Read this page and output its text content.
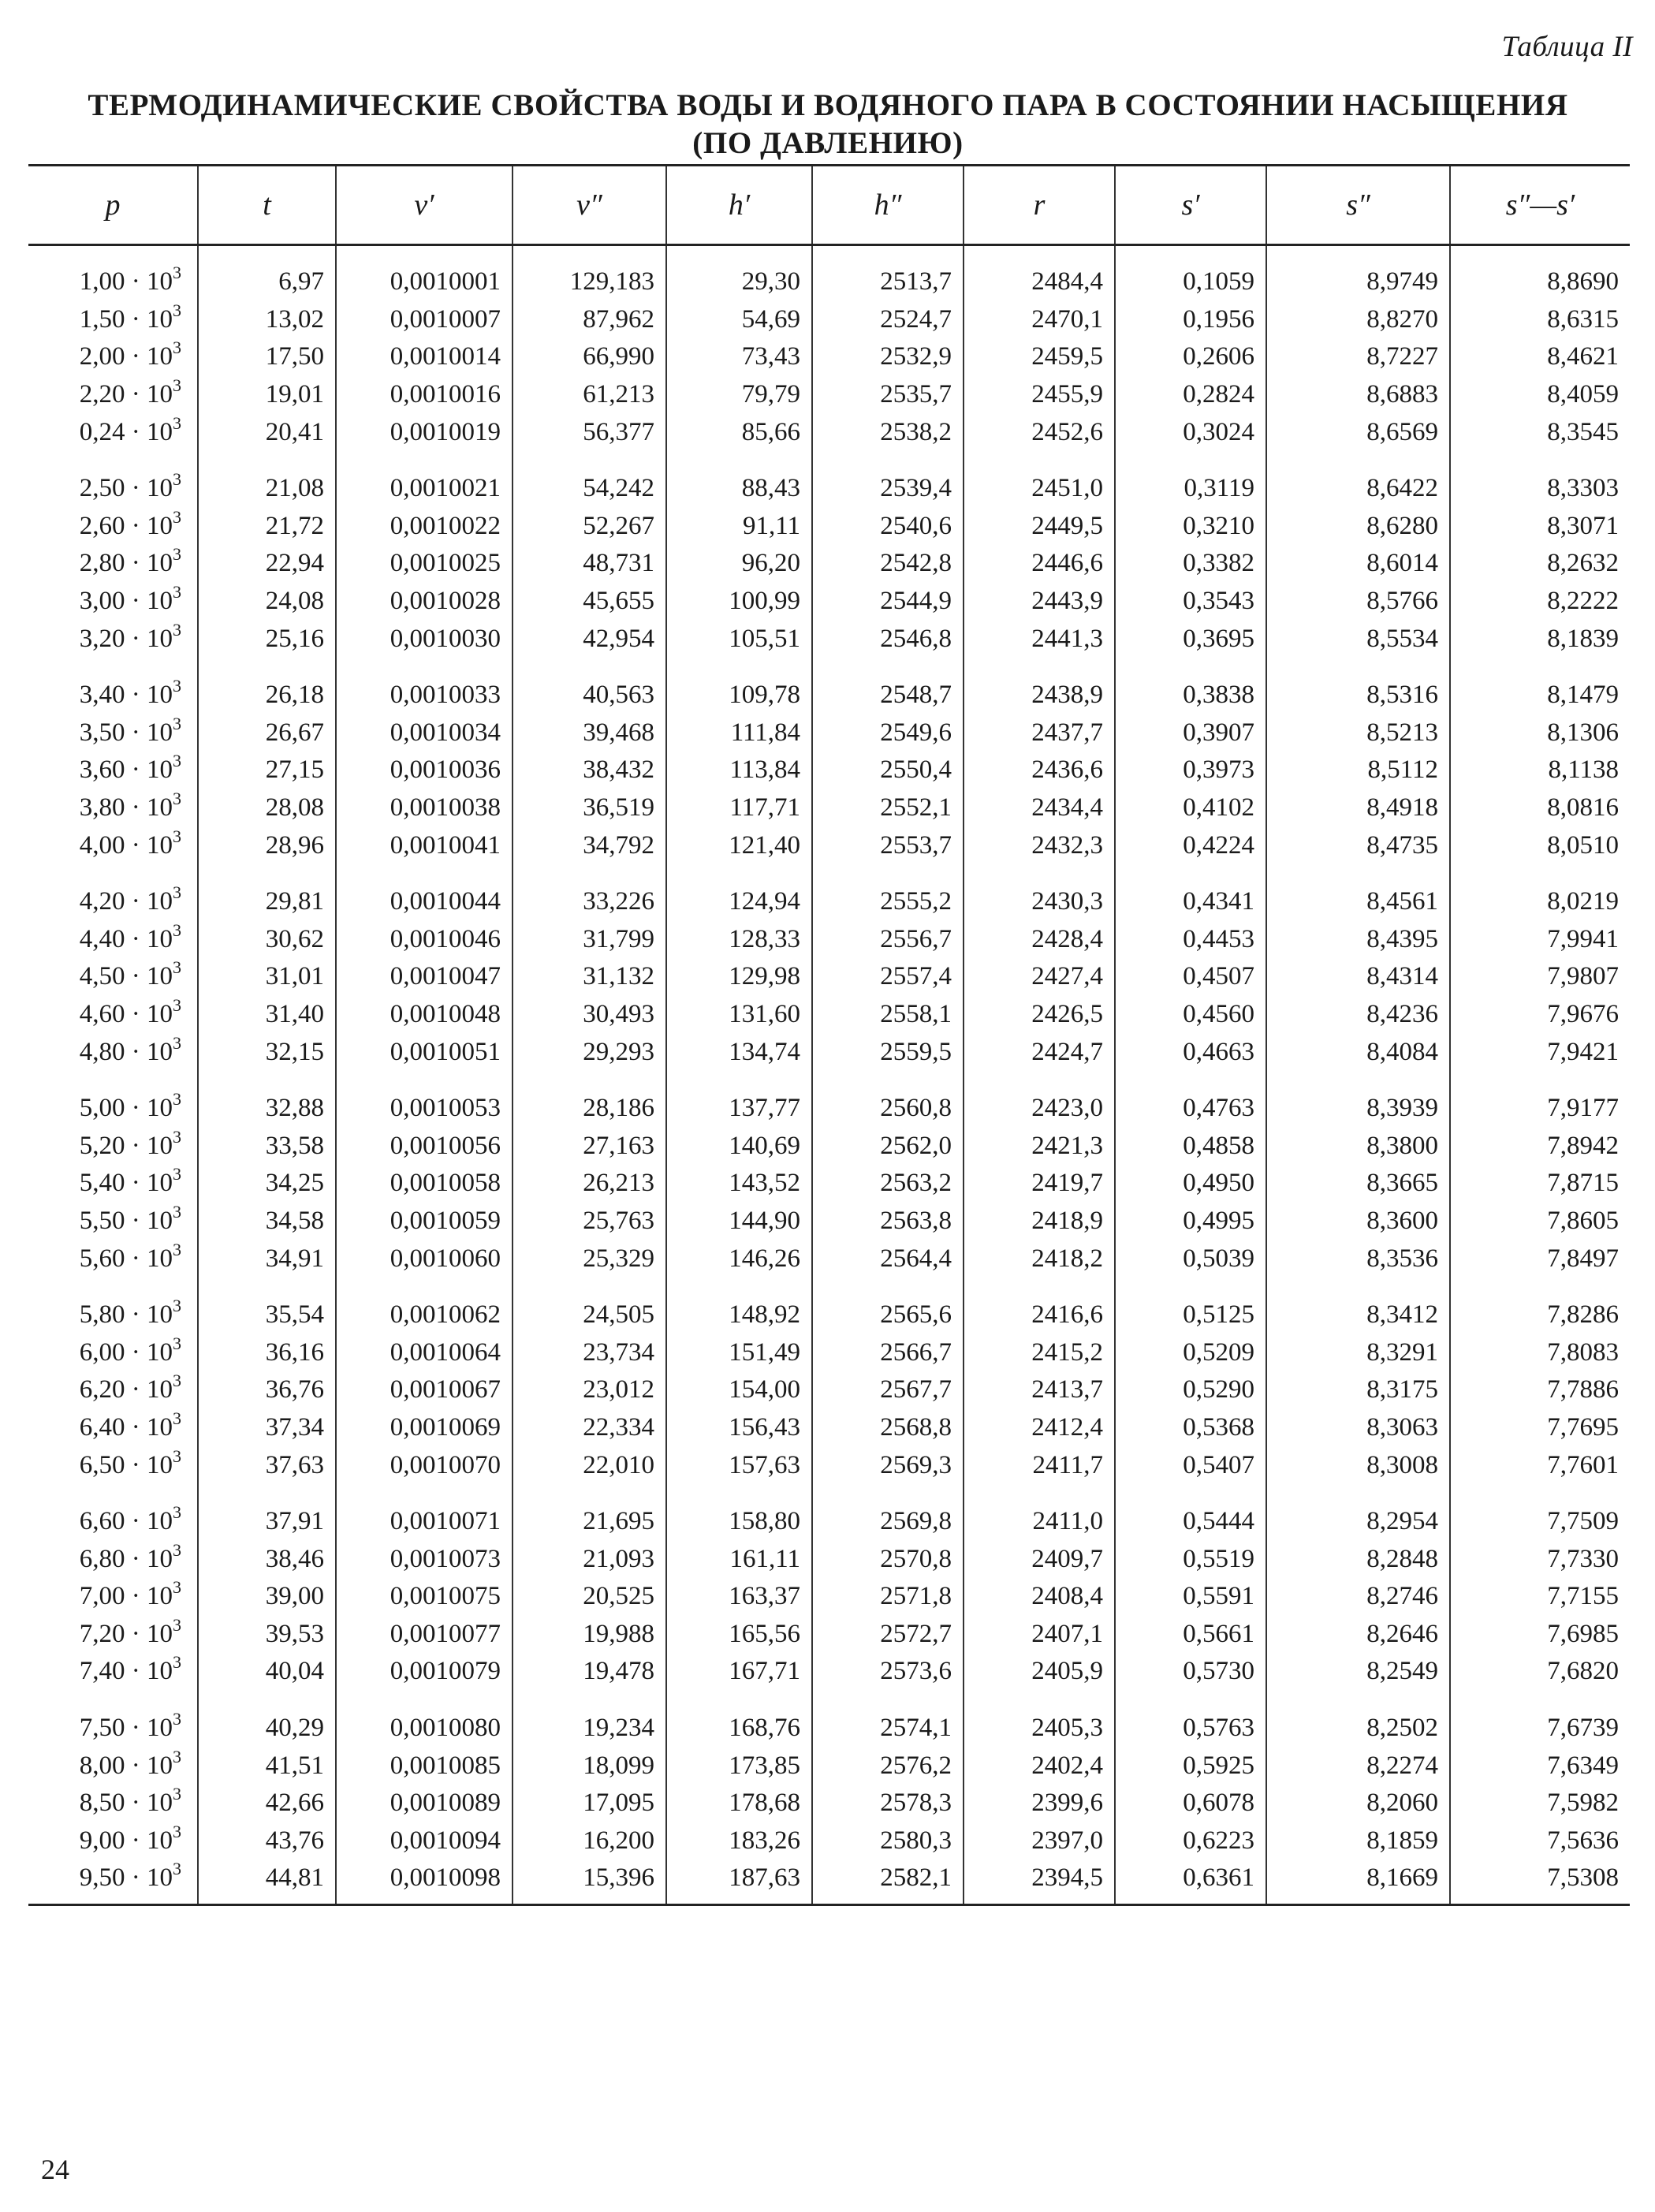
Таблица II
ТЕРМОДИНАМИЧЕСКИЕ СВОЙСТВА ВОДЫ И ВОДЯНОГО ПАРА В СОСТОЯНИИ НАСЫЩЕНИЯ (ПО ДАВЛЕНИЮ)
p	t	v′	v″	h′	h″	r	s′	s″	s″—s′
$1,00 \cdot 10^3$	6,97	0,0010001	129,183	29,30	2513,7	2484,4	0,1059	8,9749	8,8690
$1,50 \cdot 10^3$	13,02	0,0010007	87,962	54,69	2524,7	2470,1	0,1956	8,8270	8,6315
$2,00 \cdot 10^3$	17,50	0,0010014	66,990	73,43	2532,9	2459,5	0,2606	8,7227	8,4621
$2,20 \cdot 10^3$	19,01	0,0010016	61,213	79,79	2535,7	2455,9	0,2824	8,6883	8,4059
$0,24 \cdot 10^3$	20,41	0,0010019	56,377	85,66	2538,2	2452,6	0,3024	8,6569	8,3545
$2,50 \cdot 10^3$	21,08	0,0010021	54,242	88,43	2539,4	2451,0	0,3119	8,6422	8,3303
$2,60 \cdot 10^3$	21,72	0,0010022	52,267	91,11	2540,6	2449,5	0,3210	8,6280	8,3071
$2,80 \cdot 10^3$	22,94	0,0010025	48,731	96,20	2542,8	2446,6	0,3382	8,6014	8,2632
$3,00 \cdot 10^3$	24,08	0,0010028	45,655	100,99	2544,9	2443,9	0,3543	8,5766	8,2222
$3,20 \cdot 10^3$	25,16	0,0010030	42,954	105,51	2546,8	2441,3	0,3695	8,5534	8,1839
$3,40 \cdot 10^3$	26,18	0,0010033	40,563	109,78	2548,7	2438,9	0,3838	8,5316	8,1479
$3,50 \cdot 10^3$	26,67	0,0010034	39,468	111,84	2549,6	2437,7	0,3907	8,5213	8,1306
$3,60 \cdot 10^3$	27,15	0,0010036	38,432	113,84	2550,4	2436,6	0,3973	8,5112	8,1138
$3,80 \cdot 10^3$	28,08	0,0010038	36,519	117,71	2552,1	2434,4	0,4102	8,4918	8,0816
$4,00 \cdot 10^3$	28,96	0,0010041	34,792	121,40	2553,7	2432,3	0,4224	8,4735	8,0510
$4,20 \cdot 10^3$	29,81	0,0010044	33,226	124,94	2555,2	2430,3	0,4341	8,4561	8,0219
$4,40 \cdot 10^3$	30,62	0,0010046	31,799	128,33	2556,7	2428,4	0,4453	8,4395	7,9941
$4,50 \cdot 10^3$	31,01	0,0010047	31,132	129,98	2557,4	2427,4	0,4507	8,4314	7,9807
$4,60 \cdot 10^3$	31,40	0,0010048	30,493	131,60	2558,1	2426,5	0,4560	8,4236	7,9676
$4,80 \cdot 10^3$	32,15	0,0010051	29,293	134,74	2559,5	2424,7	0,4663	8,4084	7,9421
$5,00 \cdot 10^3$	32,88	0,0010053	28,186	137,77	2560,8	2423,0	0,4763	8,3939	7,9177
$5,20 \cdot 10^3$	33,58	0,0010056	27,163	140,69	2562,0	2421,3	0,4858	8,3800	7,8942
$5,40 \cdot 10^3$	34,25	0,0010058	26,213	143,52	2563,2	2419,7	0,4950	8,3665	7,8715
$5,50 \cdot 10^3$	34,58	0,0010059	25,763	144,90	2563,8	2418,9	0,4995	8,3600	7,8605
$5,60 \cdot 10^3$	34,91	0,0010060	25,329	146,26	2564,4	2418,2	0,5039	8,3536	7,8497
$5,80 \cdot 10^3$	35,54	0,0010062	24,505	148,92	2565,6	2416,6	0,5125	8,3412	7,8286
$6,00 \cdot 10^3$	36,16	0,0010064	23,734	151,49	2566,7	2415,2	0,5209	8,3291	7,8083
$6,20 \cdot 10^3$	36,76	0,0010067	23,012	154,00	2567,7	2413,7	0,5290	8,3175	7,7886
$6,40 \cdot 10^3$	37,34	0,0010069	22,334	156,43	2568,8	2412,4	0,5368	8,3063	7,7695
$6,50 \cdot 10^3$	37,63	0,0010070	22,010	157,63	2569,3	2411,7	0,5407	8,3008	7,7601
$6,60 \cdot 10^3$	37,91	0,0010071	21,695	158,80	2569,8	2411,0	0,5444	8,2954	7,7509
$6,80 \cdot 10^3$	38,46	0,0010073	21,093	161,11	2570,8	2409,7	0,5519	8,2848	7,7330
$7,00 \cdot 10^3$	39,00	0,0010075	20,525	163,37	2571,8	2408,4	0,5591	8,2746	7,7155
$7,20 \cdot 10^3$	39,53	0,0010077	19,988	165,56	2572,7	2407,1	0,5661	8,2646	7,6985
$7,40 \cdot 10^3$	40,04	0,0010079	19,478	167,71	2573,6	2405,9	0,5730	8,2549	7,6820
$7,50 \cdot 10^3$	40,29	0,0010080	19,234	168,76	2574,1	2405,3	0,5763	8,2502	7,6739
$8,00 \cdot 10^3$	41,51	0,0010085	18,099	173,85	2576,2	2402,4	0,5925	8,2274	7,6349
$8,50 \cdot 10^3$	42,66	0,0010089	17,095	178,68	2578,3	2399,6	0,6078	8,2060	7,5982
$9,00 \cdot 10^3$	43,76	0,0010094	16,200	183,26	2580,3	2397,0	0,6223	8,1859	7,5636
$9,50 \cdot 10^3$	44,81	0,0010098	15,396	187,63	2582,1	2394,5	0,6361	8,1669	7,5308
24
